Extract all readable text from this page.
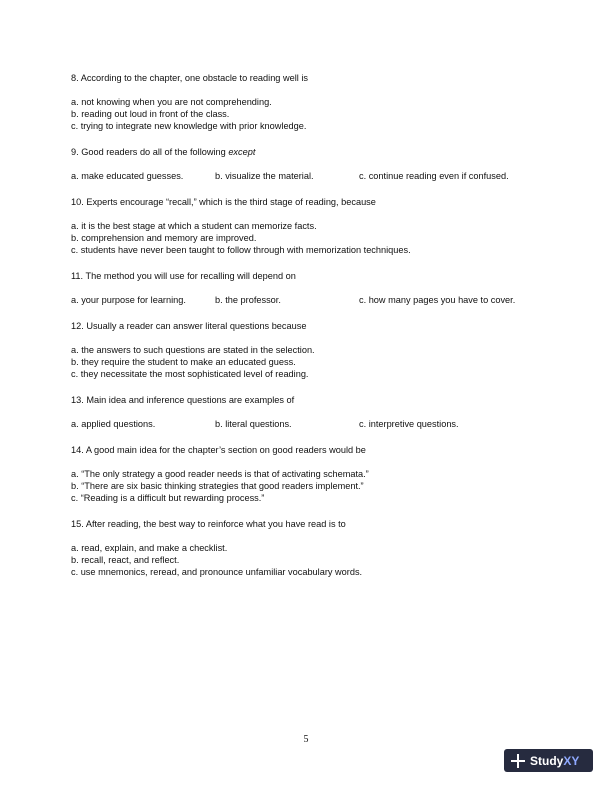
8. According to the chapter, one obstacle to reading well is

a. not knowing when you are not comprehending.
b. reading out loud in front of the class.
c. trying to integrate new knowledge with prior knowledge.

9. Good readers do all of the following except

a. make educated guesses.	b. visualize the material.	c. continue reading even if confused.

10. Experts encourage “recall,” which is the third stage of reading, because

a. it is the best stage at which a student can memorize facts.
b. comprehension and memory are improved.
c. students have never been taught to follow through with memorization techniques.

11. The method you will use for recalling will depend on

a. your purpose for learning.	b. the professor.	c. how many pages you have to cover.

12. Usually a reader can answer literal questions because

a. the answers to such questions are stated in the selection.
b. they require the student to make an educated guess.
c. they necessitate the most sophisticated level of reading.

13. Main idea and inference questions are examples of

a. applied questions.	b. literal questions.	c. interpretive questions.

14. A good main idea for the chapter’s section on good readers would be

a. “The only strategy a good reader needs is that of activating schemata.”
b. “There are six basic thinking strategies that good readers implement.”
c. “Reading is a difficult but rewarding process.”

15. After reading, the best way to reinforce what you have read is to

a. read, explain, and make a checklist.
b. recall, react, and reflect.
c. use mnemonics, reread, and pronounce unfamiliar vocabulary words.
5
Study XY
